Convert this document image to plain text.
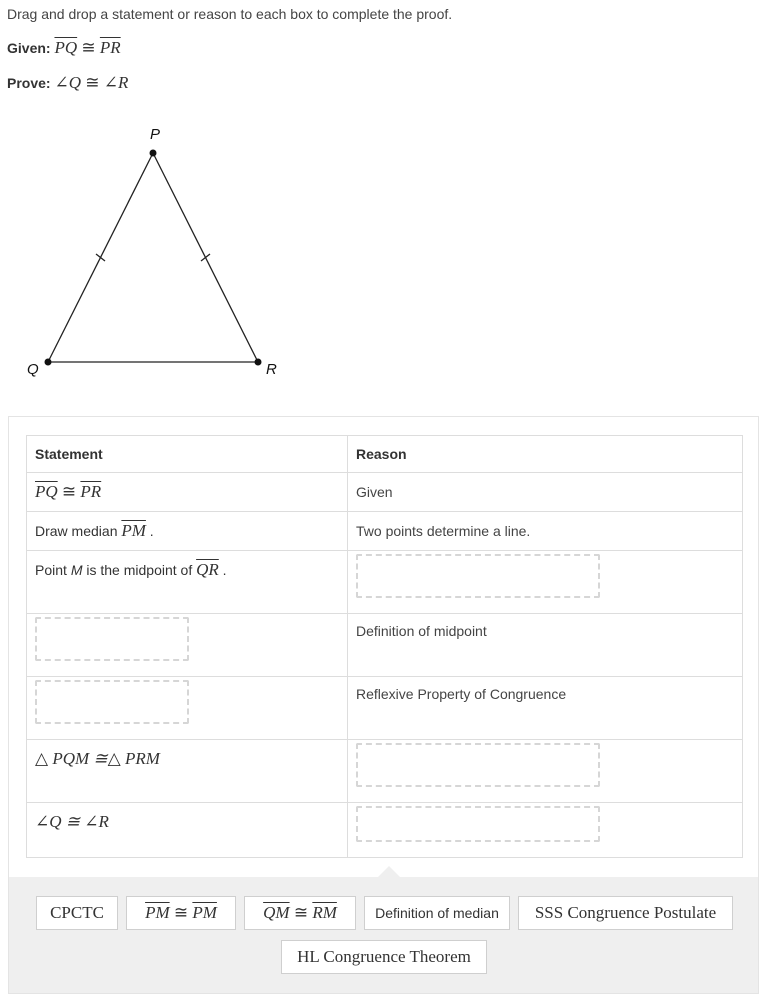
Drag and drop a statement or reason to each box to complete the proof.
Given: $\overline{PQ}$ ≅ $\overline{PR}$
Prove: ∠Q ≅ ∠R
P
Q	R
Statement	Reason
$\overline{PQ}$ ≅ $\overline{PR}$	Given
Draw median $\overline{PM}$ .	Two points determine a line.
Point M is the midpoint of $\overline{QR}$ .	

	Definition of midpoint

	Reflexive Property of Congruence
△ PQM ≅△ PRM	

∠Q ≅ ∠R	
CPCTC	$\overline{PM}$ ≅ $\overline{PM}$	$\overline{QM}$ ≅ $\overline{RM}$	Definition of median	SSS Congruence Postulate
HL Congruence Theorem
